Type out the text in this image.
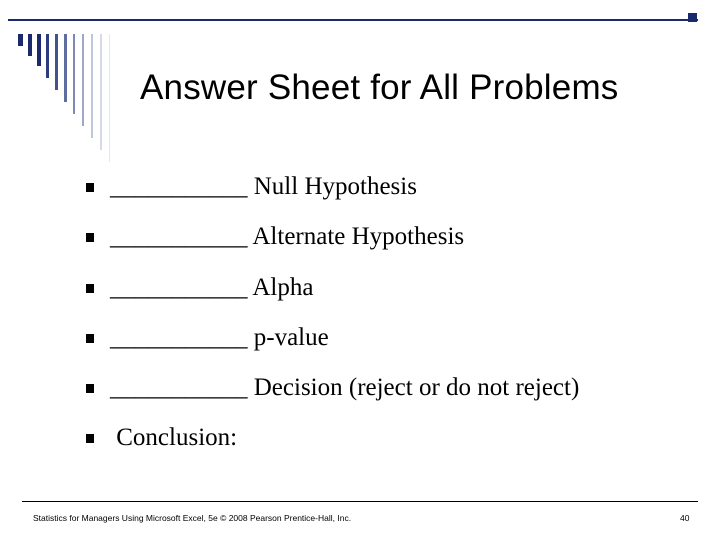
Answer Sheet for All Problems
___________ Null Hypothesis
___________ Alternate Hypothesis
___________ Alpha
___________ p-value
___________ Decision (reject or do not reject)
Conclusion:
Statistics for Managers Using Microsoft Excel, 5e © 2008 Pearson Prentice-Hall, Inc.	40
